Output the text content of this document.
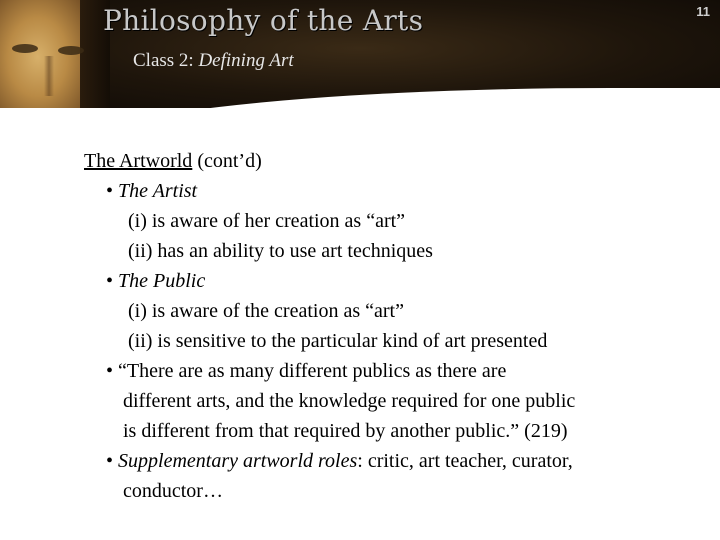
Philosophy of the Arts

Class 2: Defining Art

11
The Artworld (cont’d)
• The Artist
(i) is aware of her creation as “art”
(ii) has an ability to use art techniques
• The Public
(i) is aware of the creation as “art”
(ii) is sensitive to the particular kind of art presented
• “There are as many different publics as there are
different arts, and the knowledge required for one public
is different from that required by another public.” (219)
• Supplementary artworld roles: critic, art teacher, curator,
conductor…
